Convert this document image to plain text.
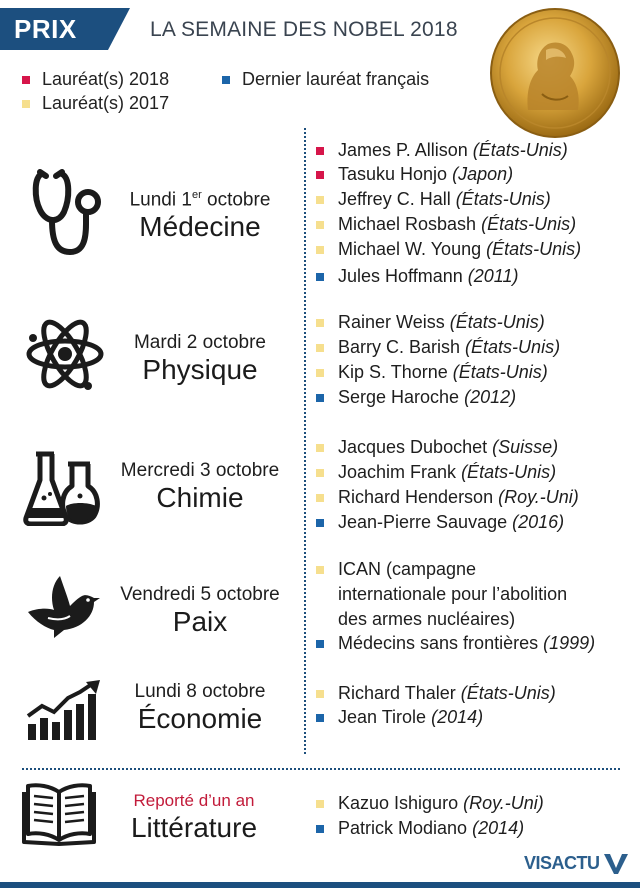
PRIX	LA SEMAINE DES NOBEL 2018
Lauréat(s) 2018
Lauréat(s) 2017
Dernier lauréat français
Lundi 1er octobre
Médecine
Mardi 2 octobre
Physique
Mercredi 3 octobre
Chimie
Vendredi 5 octobre
Paix
Lundi 8 octobre
Économie
Reporté d’un an
Littérature
James P. Allison
(États-Unis)
Tasuku Honjo
(Japon)
Jeffrey C. Hall
(États-Unis)
Michael Rosbash
(États-Unis)
Michael W. Young
(États-Unis)
Jules Hoffmann
(2011)
Rainer Weiss
(États-Unis)
Barry C. Barish
(États-Unis)
Kip S. Thorne
(États-Unis)
Serge Haroche
(2012)
Jacques Dubochet
(Suisse)
Joachim Frank
(États-Unis)
Richard Henderson
(Roy.-Uni)
Jean-Pierre Sauvage
(2016)
ICAN (campagne
internationale pour l’abolition
des armes nucléaires)
Médecins sans frontières
(1999)
Richard Thaler
(États-Unis)
Jean Tirole
(2014)
Kazuo Ishiguro
(Roy.-Uni)
Patrick Modiano
(2014)
VISACTU
